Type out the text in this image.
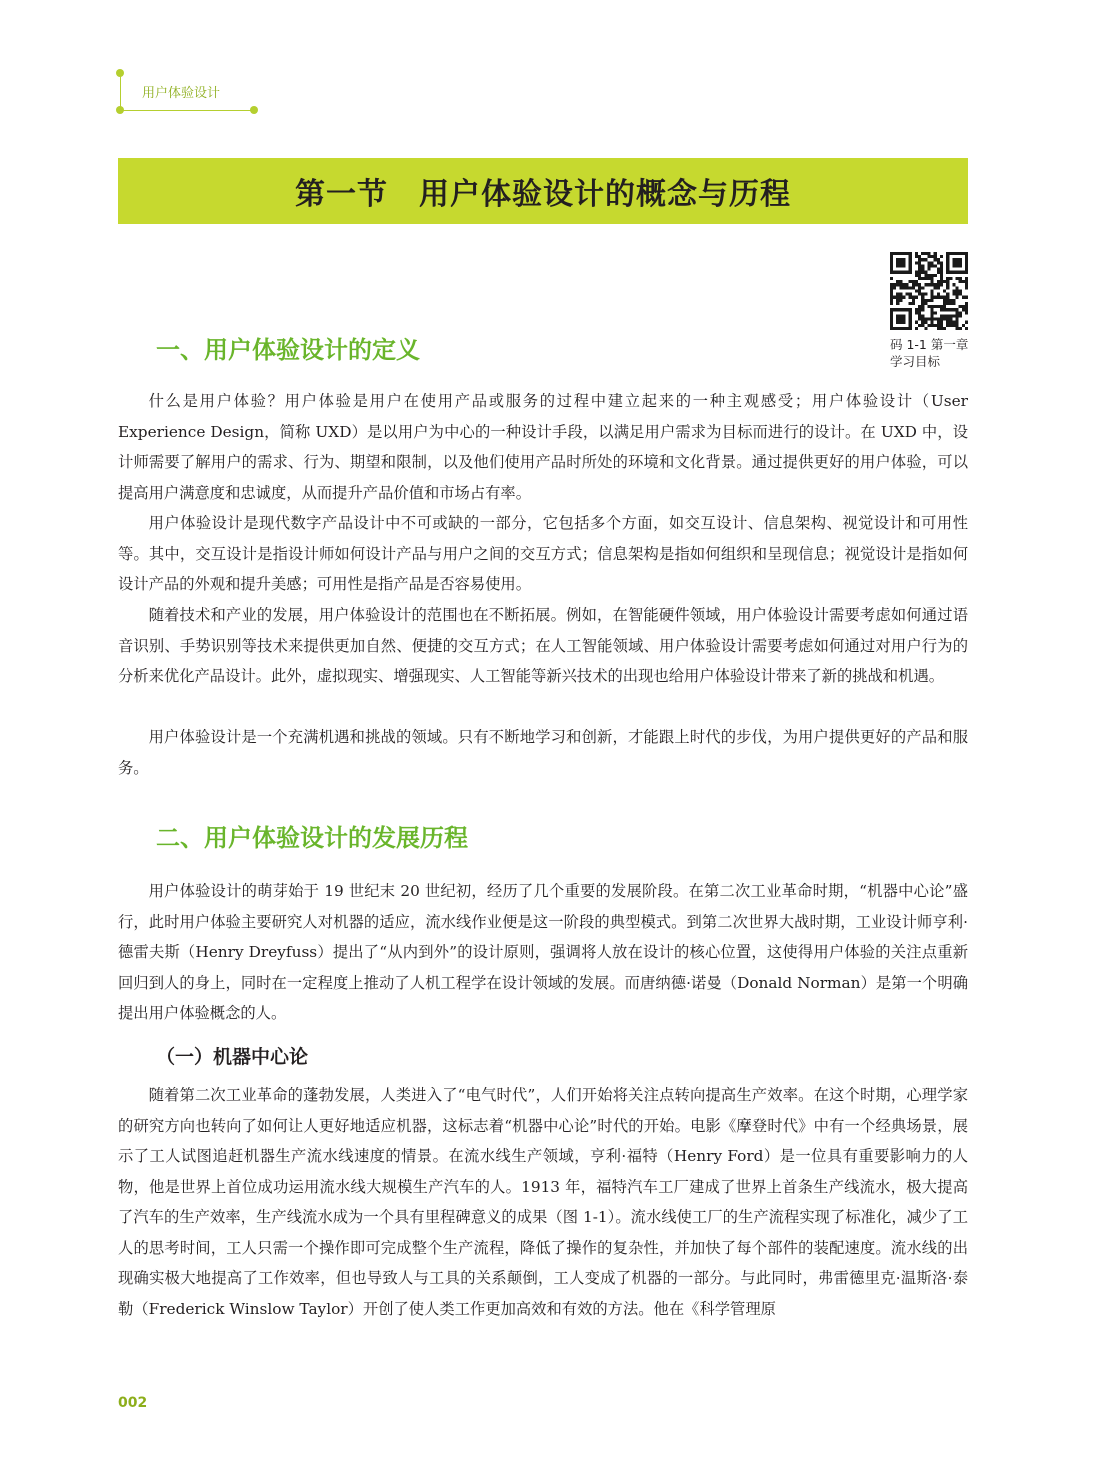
用户体验设计
第一节　用户体验设计的概念与历程
码 1-1 第一章学习目标
一、用户体验设计的定义

什么是用户体验？用户体验是用户在使用产品或服务的过程中建立起来的一种主观感受；用户体验设计（User Experience Design，简称 UXD）是以用户为中心的一种设计手段，以满足用户需求为目标而进行的设计。在 UXD 中，设计师需要了解用户的需求、行为、期望和限制，以及他们使用产品时所处的环境和文化背景。通过提供更好的用户体验，可以提高用户满意度和忠诚度，从而提升产品价值和市场占有率。

用户体验设计是现代数字产品设计中不可或缺的一部分，它包括多个方面，如交互设计、信息架构、视觉设计和可用性等。其中，交互设计是指设计师如何设计产品与用户之间的交互方式；信息架构是指如何组织和呈现信息；视觉设计是指如何设计产品的外观和提升美感；可用性是指产品是否容易使用。

随着技术和产业的发展，用户体验设计的范围也在不断拓展。例如，在智能硬件领域，用户体验设计需要考虑如何通过语音识别、手势识别等技术来提供更加自然、便捷的交互方式；在人工智能领域、用户体验设计需要考虑如何通过对用户行为的分析来优化产品设计。此外，虚拟现实、增强现实、人工智能等新兴技术的出现也给用户体验设计带来了新的挑战和机遇。

用户体验设计是一个充满机遇和挑战的领域。只有不断地学习和创新，才能跟上时代的步伐，为用户提供更好的产品和服务。

二、用户体验设计的发展历程

用户体验设计的萌芽始于 19 世纪末 20 世纪初，经历了几个重要的发展阶段。在第二次工业革命时期，“机器中心论”盛行，此时用户体验主要研究人对机器的适应，流水线作业便是这一阶段的典型模式。到第二次世界大战时期，工业设计师亨利·德雷夫斯（Henry Dreyfuss）提出了“从内到外”的设计原则，强调将人放在设计的核心位置，这使得用户体验的关注点重新回归到人的身上，同时在一定程度上推动了人机工程学在设计领域的发展。而唐纳德·诺曼（Donald Norman）是第一个明确提出用户体验概念的人。

（一）机器中心论

随着第二次工业革命的蓬勃发展，人类进入了“电气时代”，人们开始将关注点转向提高生产效率。在这个时期，心理学家的研究方向也转向了如何让人更好地适应机器，这标志着“机器中心论”时代的开始。电影《摩登时代》中有一个经典场景，展示了工人试图追赶机器生产流水线速度的情景。在流水线生产领域，亨利·福特（Henry Ford）是一位具有重要影响力的人物，他是世界上首位成功运用流水线大规模生产汽车的人。1913 年，福特汽车工厂建成了世界上首条生产线流水，极大提高了汽车的生产效率，生产线流水成为一个具有里程碑意义的成果（图 1-1）。流水线使工厂的生产流程实现了标准化，减少了工人的思考时间，工人只需一个操作即可完成整个生产流程，降低了操作的复杂性，并加快了每个部件的装配速度。流水线的出现确实极大地提高了工作效率，但也导致人与工具的关系颠倒，工人变成了机器的一部分。与此同时，弗雷德里克·温斯洛·泰勒（Frederick Winslow Taylor）开创了使人类工作更加高效和有效的方法。他在《科学管理原

002
